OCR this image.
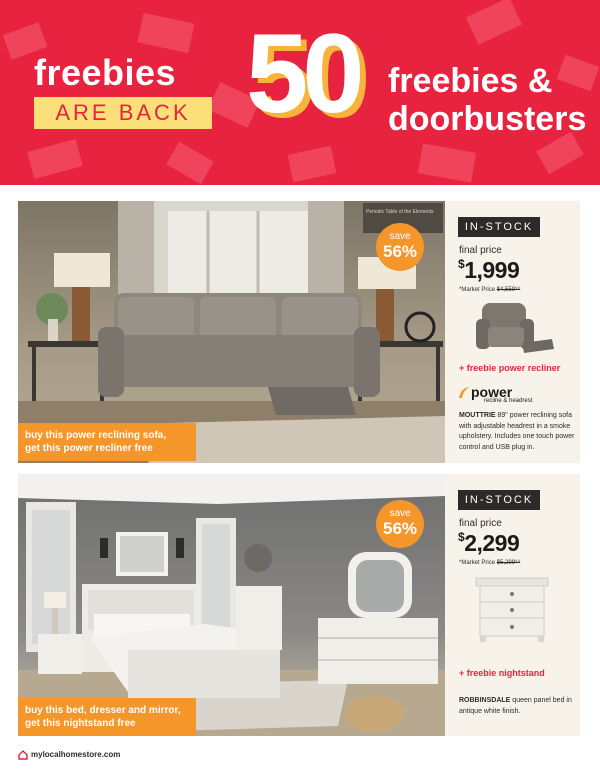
freebies
ARE BACK 50 freebies &
doorbusters
Periodic Table of the Elements
save
56%
buy this power reclining sofa,
get this power recliner free
IN-STOCK
final price
$1,999
*Market Price $4,559⁹⁹
+ freebie power recliner
power
recline & headrest
MOUTTRIE 89" power reclining sofa with adjustable headrest in a smoke upholstery. Includes one touch power control and USB plug in.
save
56%
buy this bed, dresser and mirror,
get this nightstand free
IN-STOCK
final price
$2,299
*Market Price $5,299⁹⁹
+ freebie nightstand
ROBBINSDALE queen panel bed in antique white finish.
mylocalhomestore.com
